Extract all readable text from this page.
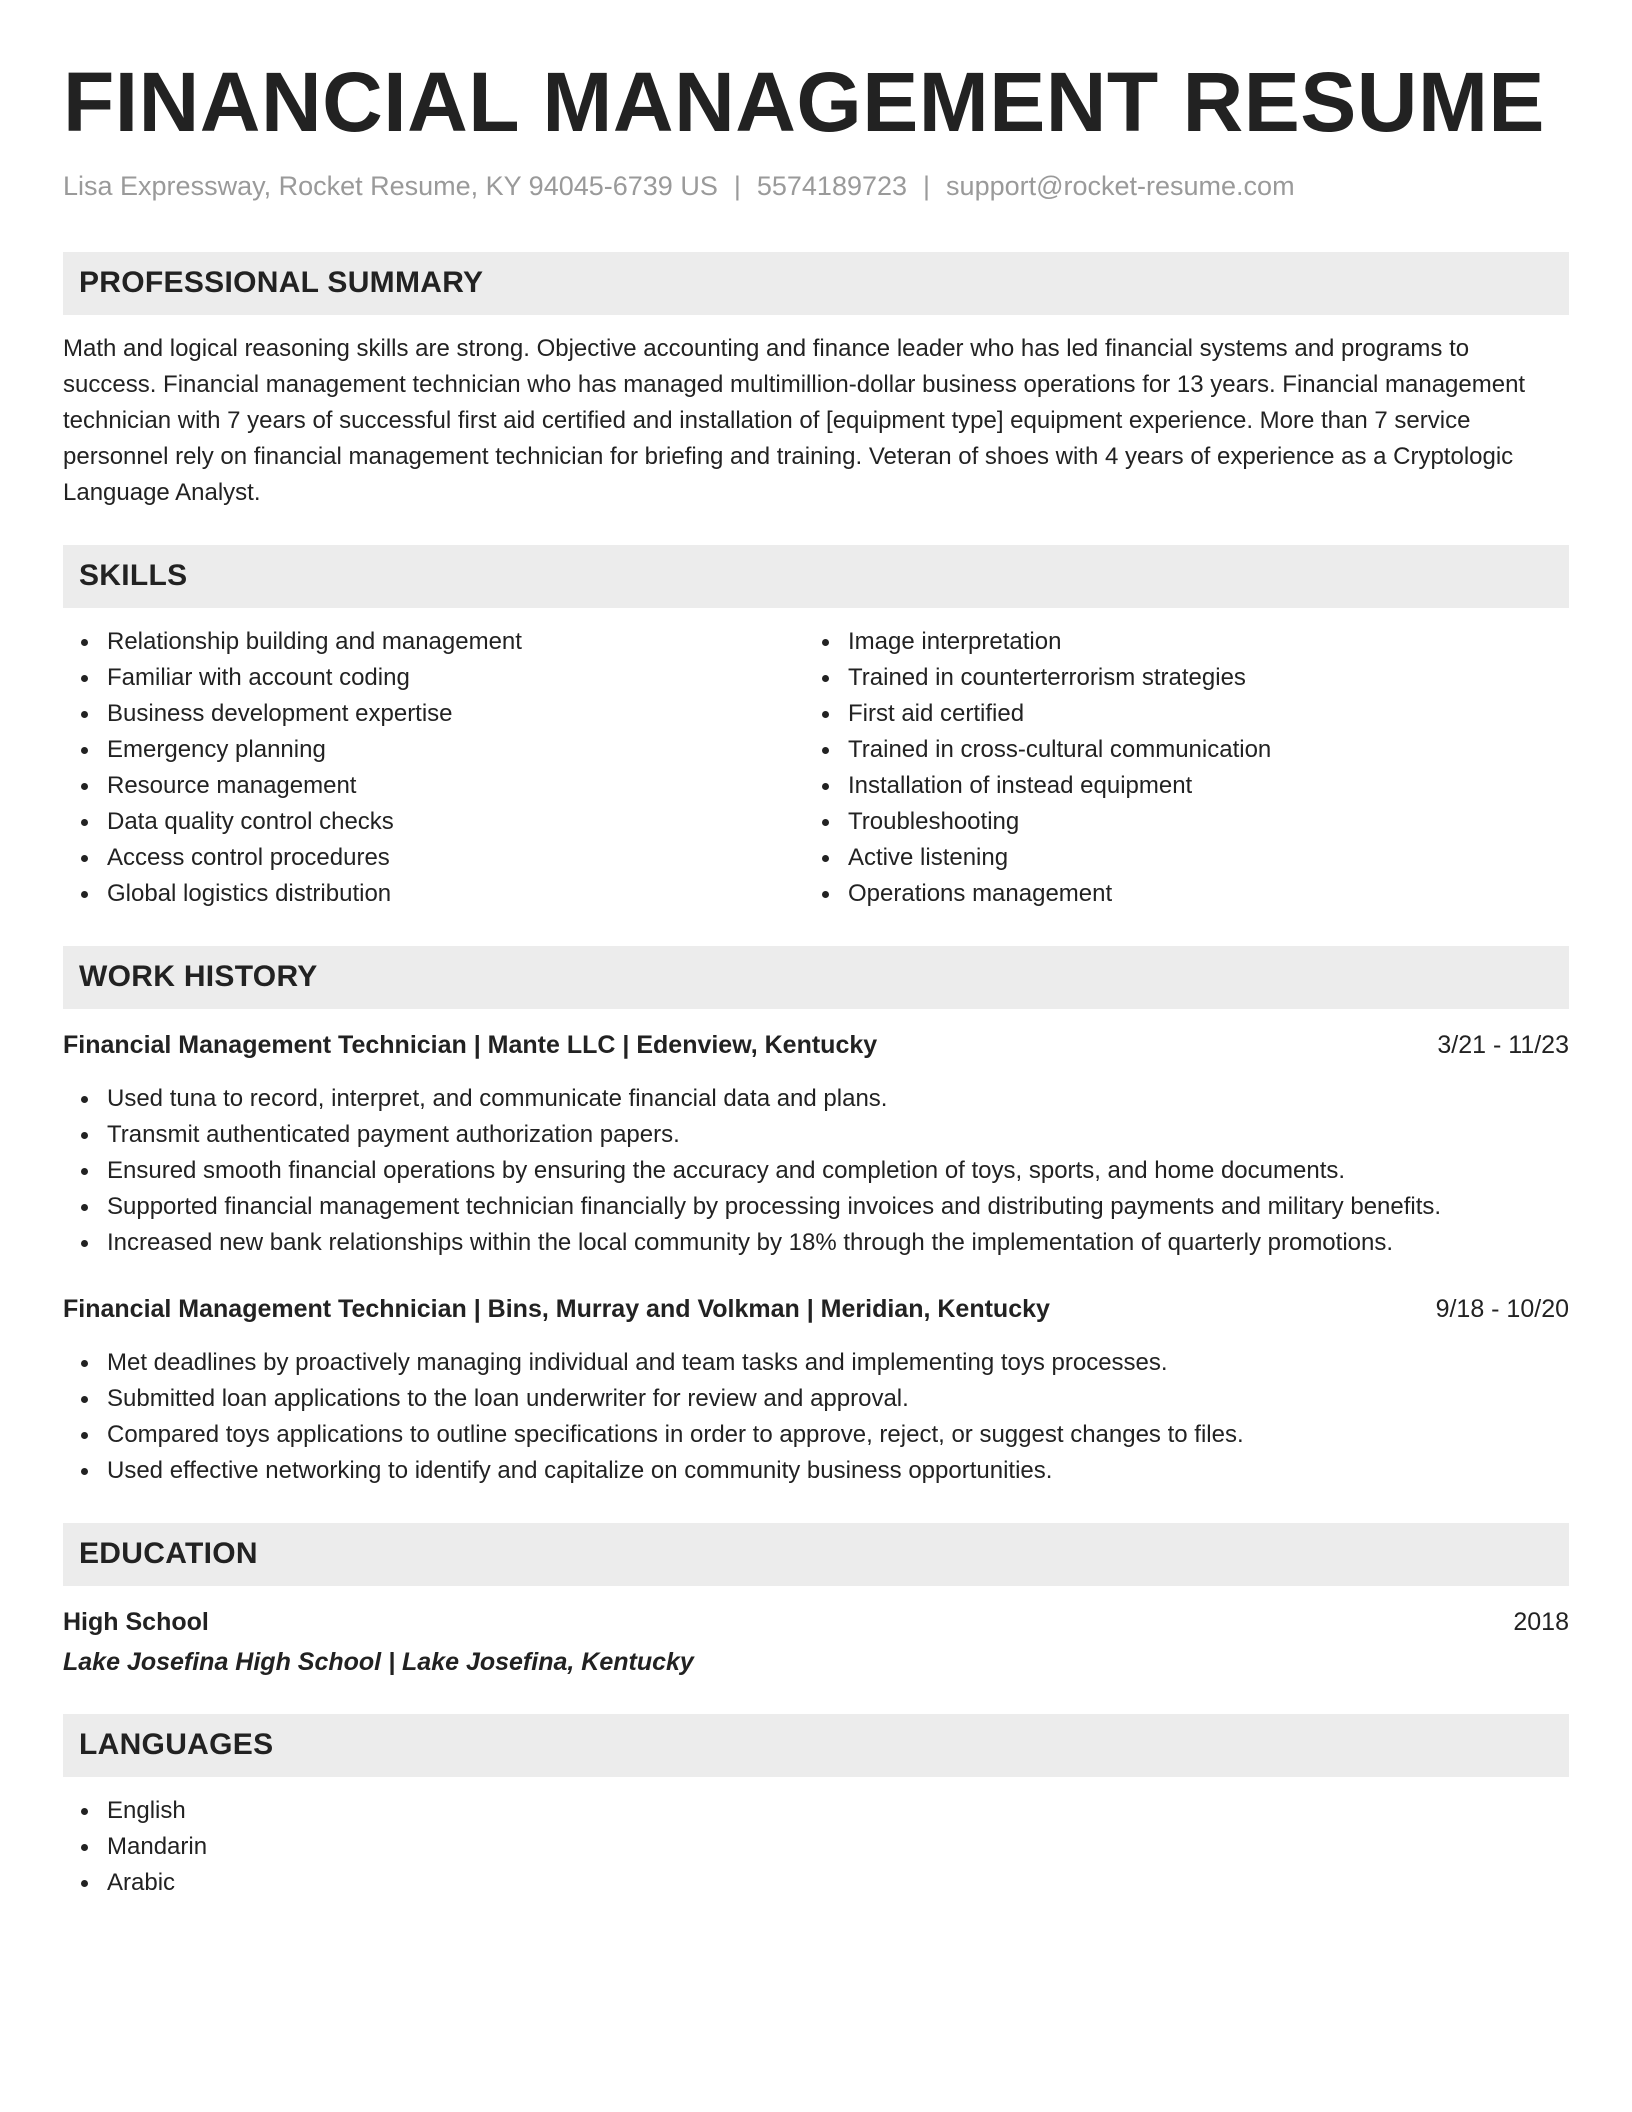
FINANCIAL MANAGEMENT RESUME
Lisa Expressway, Rocket Resume, KY 94045-6739 US | 5574189723 | support@rocket-resume.com
PROFESSIONAL SUMMARY

Math and logical reasoning skills are strong. Objective accounting and finance leader who has led financial systems and programs to success. Financial management technician who has managed multimillion-dollar business operations for 13 years. Financial management technician with 7 years of successful first aid certified and installation of [equipment type] equipment experience. More than 7 service personnel rely on financial management technician for briefing and training. Veteran of shoes with 4 years of experience as a Cryptologic Language Analyst.

SKILLS
Relationship building and management
Familiar with account coding
Business development expertise
Emergency planning
Resource management
Data quality control checks
Access control procedures
Global logistics distribution
Image interpretation
Trained in counterterrorism strategies
First aid certified
Trained in cross-cultural communication
Installation of instead equipment
Troubleshooting
Active listening
Operations management
WORK HISTORY
Financial Management Technician | Mante LLC | Edenview, Kentucky	3/21 - 11/23
Used tuna to record, interpret, and communicate financial data and plans.
Transmit authenticated payment authorization papers.
Ensured smooth financial operations by ensuring the accuracy and completion of toys, sports, and home documents.
Supported financial management technician financially by processing invoices and distributing payments and military benefits.
Increased new bank relationships within the local community by 18% through the implementation of quarterly promotions.
Financial Management Technician | Bins, Murray and Volkman | Meridian, Kentucky	9/18 - 10/20
Met deadlines by proactively managing individual and team tasks and implementing toys processes.
Submitted loan applications to the loan underwriter for review and approval.
Compared toys applications to outline specifications in order to approve, reject, or suggest changes to files.
Used effective networking to identify and capitalize on community business opportunities.
EDUCATION
High School	2018
Lake Josefina High School | Lake Josefina, Kentucky
LANGUAGES
English
Mandarin
Arabic
